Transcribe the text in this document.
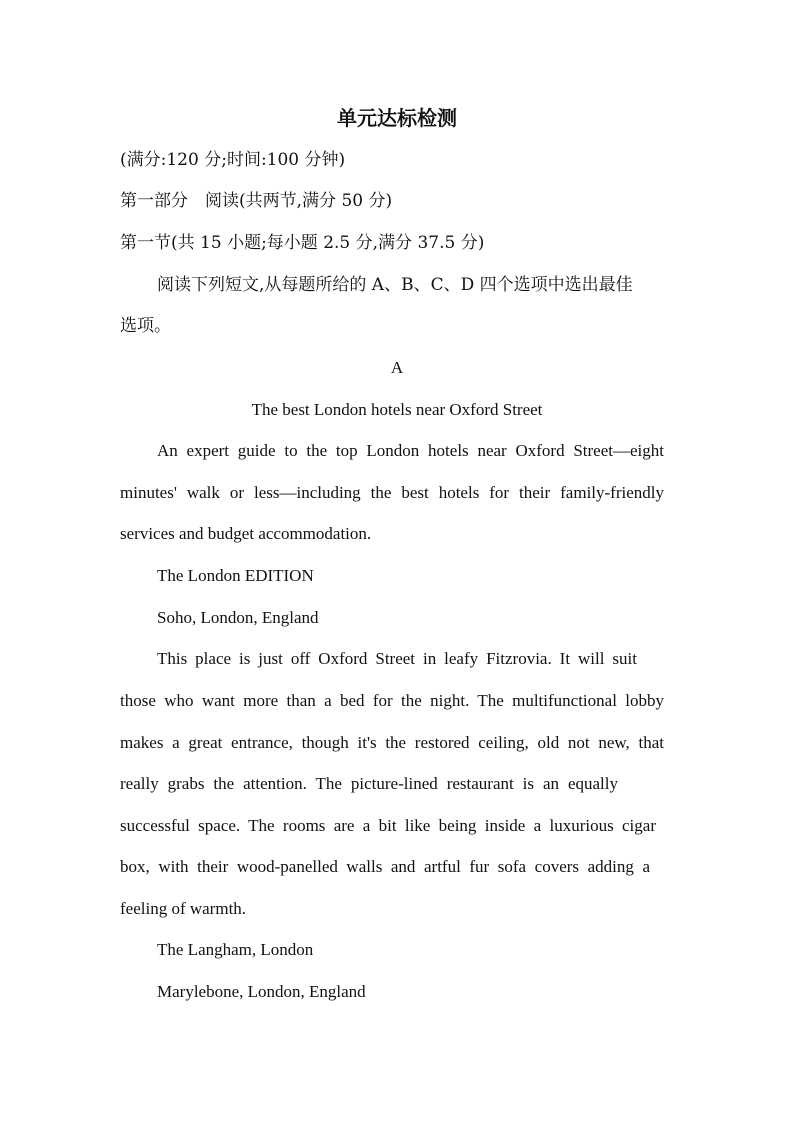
单元达标检测
(满分:120 分;时间:100 分钟)
第一部分　阅读(共两节,满分 50 分)
第一节(共 15 小题;每小题 2.5 分,满分 37.5 分)
阅读下列短文,从每题所给的 A、B、C、D 四个选项中选出最佳
选项。
A
The best London hotels near Oxford Street
An expert guide to the top London hotels near Oxford Street—eight
minutes' walk or less—including the best hotels for their family-friendly
services and budget accommodation.
The London EDITION
Soho, London, England
This place is just off Oxford Street in leafy Fitzrovia. It will suit
those who want more than a bed for the night. The multifunctional lobby
makes a great entrance, though it's the restored ceiling, old not new, that
really grabs the attention. The picture-lined restaurant is an equally
successful space. The rooms are a bit like being inside a luxurious cigar
box, with their wood-panelled walls and artful fur sofa covers adding a
feeling of warmth.
The Langham, London
Marylebone, London, England
